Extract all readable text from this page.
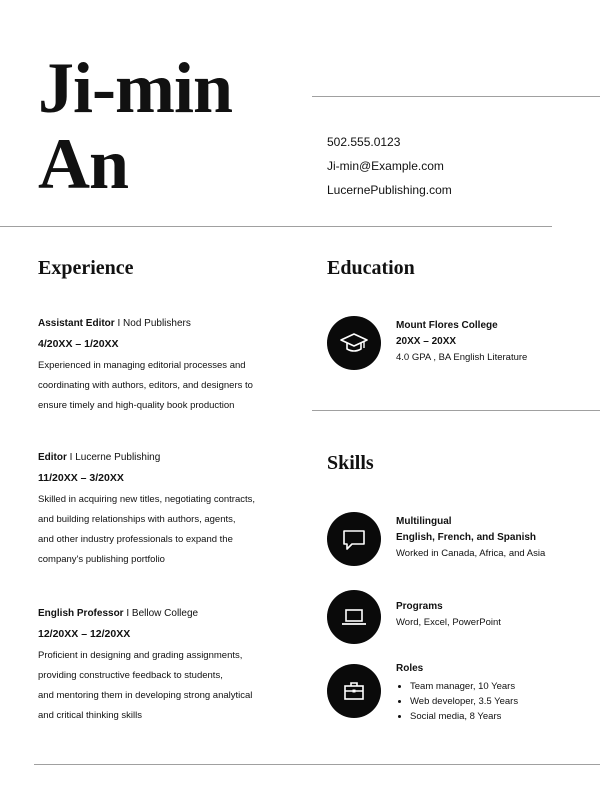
Ji-min
An	502.555.0123
Ji-min@Example.com
LucernePublishing.com
Experience	Education
Skills
Assistant Editor I Nod Publishers
4/20XX – 1/20XX
Experienced in managing editorial processes and
coordinating with authors, editors, and designers to
ensure timely and high-quality book production
Editor I Lucerne Publishing
11/20XX – 3/20XX
Skilled in acquiring new titles, negotiating contracts,
and building relationships with authors, agents,
and other industry professionals to expand the
company's publishing portfolio
English Professor I Bellow College
12/20XX – 12/20XX
Proficient in designing and grading assignments,
providing constructive feedback to students,
and mentoring them in developing strong analytical
and critical thinking skills
Mount Flores College
20XX – 20XX
4.0 GPA , BA English Literature
Multilingual
English, French, and Spanish
Worked in Canada, Africa, and Asia
Programs
Word, Excel, PowerPoint
Roles
Team manager, 10 Years
Web developer, 3.5 Years
Social media, 8 Years
